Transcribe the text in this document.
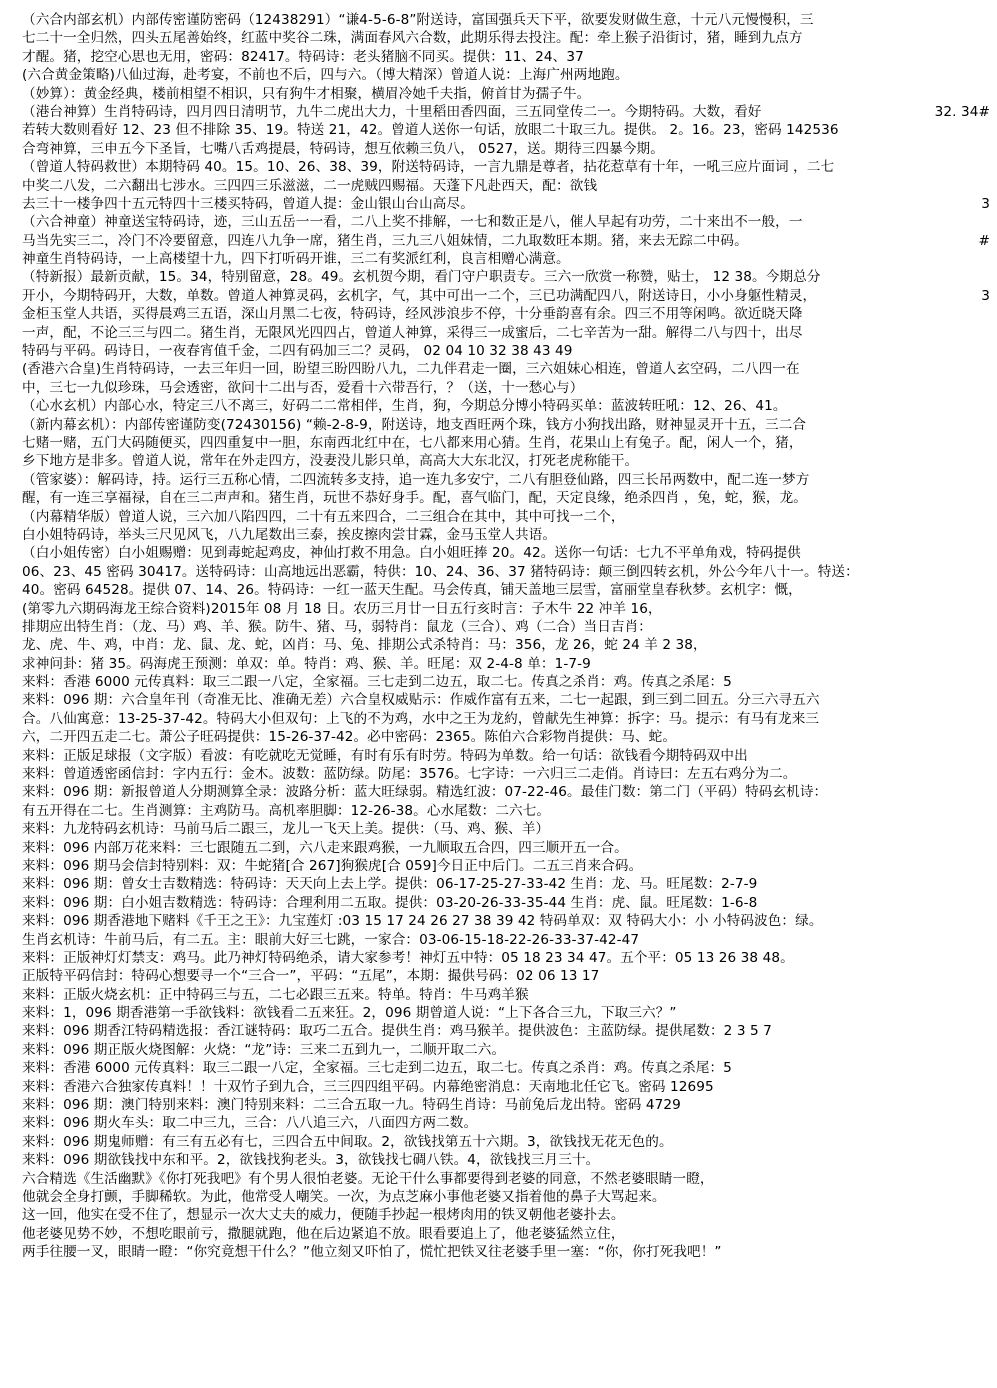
（六合内部玄机）内部传密谨防密码（12438291）“谦4-5-6-8”附送诗，富国强兵天下平，欲要发财做生意，十元八元慢慢积，三
七二十一全归然，四头五尾善始终，红蓝中奖谷二珠，满面春风六合数，此期乐得去投注。配：牵上猴子沿街讨，猪，睡到九点方
才醒。猪，挖空心思也无用，密码：82417。特码诗：老头猪脑不同买。提供：11、24、37
(六合黄金策略)八仙过海，赴考宴，不前也不后，四与六。（博大精深）曾道人说：上海广州两地跑。
（妙算）：黄金经典，楼前相望不相识，只有狗牛才相聚，横眉冷她千夫指，俯首甘为孺子牛。
（港台神算）生肖特码诗，四月四日清明节，九牛二虎出大力，十里稻田香四面，三五同堂传二一。今期特码。大数，看好	32. 34#
若转大数则看好 12、23 但不排除 35、19。特送 21，42。曾道人送你一句话，放眼二十取三九。提供。 2。16。23，密码 142536
合弯神算，三申五今下圣旨，七嘴八舌鸡提晨，特码诗，想互依赖三负八， 0527，送。期待三四暴今期。
（曾道人特码救世）本期特码 40。15。10、26、38、39，附送特码诗，一言九鼎是尊者，拈花惹草有十年，一吼三应片面词 ，二七
中奖二八发，二六翻出七涉水。三四四三乐滋滋，二一虎贼四赐福。天蓬下凡赴西天，配：欲钱
去三十一楼争四十五元特四十三楼买特码，曾道人提：金山银山台山高尽。	3
（六合神童）神童送宝特码诗，迹，三山五岳一一看，二八上奖不排解，一七和数正是八，催人早起有功劳，二十来出不一般，一
马当先实三二，冷门不冷要留意，四连八九争一席，猪生肖，三九三八姐妹情，二九取数旺本期。猪，来去无踪二中码。	#
神童生肖特码诗，一上高楼望十九，四下打听码开谁，三二有奖派红利，良言相赠心满意。
（特新报）最新贡献，15。34，特别留意，28。49。玄机贺今期，看门守户职责专。三六一欣赏一称赞，贴士， 12 38。今期总分
开小，今期特码开，大数，单数。曾道人神算灵码，玄机字，气，其中可出一二个，三已功满配四八，附送诗日，小小身躯性精灵，	3
金柜玉堂人共语，买得晨鸡三五语，深山月黑二七夜，特码诗，经风涉浪步不停，十分垂韵喜有余。四三不用等闲鸣。欲近晓天降
一声，配，不论三三与四二。猪生肖，无限风光四四占，曾道人神算，采得三一成蜜后，二七辛苦为一甜。解得二八与四十，出尽
特码与平码。码诗日，一夜春宵值千金，二四有码加三二？灵码， 02 04 10 32 38 43 49
(香港六合皇)生肖特码诗，一去三年归一回，盼望三盼四盼八九，二九伴君走一圈，三六姐妹心相连，曾道人玄空码，二八四一在
中，三七一九似珍珠，马会透密，欲问十二出与否，爱看十六带吾行，？（送，十一愁心与）
（心水玄机）内部心水，特定三八不离三，好码二二常相伴，生肖，狗，今期总分博小特码买单：蓝波转旺吼：12、26、41。
（新内幕玄机）：内部传密谨防变(72430156) “赖-2-8-9，附送诗，地支酉旺两个珠，钱方小狗找出路，财神显灵开十五，三二合
七赌一赌，五门大码随便买，四四重复中一胆，东南西北红中在，七八都来用心猜。生肖，花果山上有兔子。配，闲人一个，猪，
乡下地方是非多。曾道人说，常年在外走四方，没妻没儿影只单，高高大大东北汉，打死老虎称能干。
（管家婆）：解码诗，持。运行三五称心情，二四流转多支持，追一连九多安宁，二八有胆登仙路，四三长吊两数中，配二连一梦方
醒，有一连三享福禄，自在三二声声和。猪生肖，玩世不恭好身手。配，喜气临门，配，天定良缘，绝杀四肖 ，兔，蛇，猴，龙。
（内幕精华版）曾道人说，三六加八陷四四，二十有五来四合，二三组合在其中，其中可找一二个，
白小姐特码诗，举头三尺见风飞，八九尾数出三泰，挨皮擦肉尝甘霖，金马玉堂人共语。
（白小姐传密）白小姐赐赠：见到毒蛇起鸡皮，神仙打救不用急。白小姐旺捧 20。42。送你一句话：七九不平单角戏，特码提供
06、23、45 密码 30417。送特码诗：山高地远出恶霸，特供：10、24、36、37 猪特码诗：颠三倒四转玄机，外公今年八十一。特送：
40。密码 64528。提供 07、14、26。特码诗：一红一蓝天生配。马会传真，铺天盖地三层雪，富丽堂皇春秋梦。玄机字：慨，
(第零九六期码海龙王综合资料)2015年 08 月 18 日。农历三月廿一日五行亥时言：子木牛 22 冲羊 16，
排期应出特生肖：（龙、马）鸡、羊、猴。防牛、猪、马，弱特肖：鼠龙（三合）、鸡（二合）当日吉肖：
龙、虎、牛、鸡，中肖：龙、鼠、龙、蛇，凶肖：马、兔、排期公式杀特肖：马：356，龙 26，蛇 24 羊 2 38，
求神问卦：猪 35。码海虎王预测：单双：单。特肖：鸡、猴、羊。旺尾：双 2-4-8 单：1-7-9
来料：香港 6000 元传真料：取三二跟一八定，全家福。三七走到二边五，取二七。传真之杀肖：鸡。传真之杀尾：5
来料：096 期：六合皇年刊（奇准无比、准确无差）六合皇权威贴示：作威作富有五来，二七一起跟，到三到二回五。分三六寻五六
合。八仙寓意：13-25-37-42。特码大小但双句：上飞的不为鸡，水中之王为龙約，曾献先生神算：拆字：马。提示：有马有龙来三
六，二开四五走二七。萧公子旺码提供：15-26-37-42。必中密码：2365。陈伯六合彩物肖提供：马、蛇。
来料：正版足球报（文字版）看波：有吃就吃无觉睡，有时有乐有时劳。特码为单数。给一句话：欲钱看今期特码双中出
来料：曾道透密函信封：字内五行：金木。波数：蓝防绿。防尾：3576。七字诗：一六归三二走俏。肖诗曰：左五右鸡分为二。
来料：096 期：新报曾道人分期测算全录：波路分析：蓝大旺绿弱。精选红波：07-22-46。最佳门数：第二门（平码）特码玄机诗：
有五开得在二七。生肖测算：主鸡防马。高机率胆脚：12-26-38。心水尾数：二六七。
来料：九龙特码玄机诗：马前马后二跟三，龙儿一飞天上美。提供：（马、鸡、猴、羊）
来料：096 内部万花来料：三七跟随五二到，六八走来跟鸡猴，一九顺取五合四，四三顺开五一合。
来料：096 期马会信封特别料：双：牛蛇猪[合 267]狗猴虎[合 059]今日正中后门。二五三肖来合码。
来料：096 期：曾女士吉数精选：特码诗：天天向上去上学。提供：06-17-25-27-33-42 生肖：龙、马。旺尾数：2-7-9
来料：096 期：白小姐吉数精选：特码诗：合理利用二五取。提供：03-20-26-33-35-44 生肖：虎、鼠。旺尾数：1-6-8
来料：096 期香港地下赌料《千王之王》：九宝莲灯 :03 15 17 24 26 27 38 39 42 特码单双：双 特码大小：小 小特码波色：绿。
生肖玄机诗：牛前马后，有二五。主：眼前大好三七跳，一家合：03-06-15-18-22-26-33-37-42-47
来料：正版神灯灯禁支：鸡马。此乃神灯特码绝杀，请大家参考！神灯五中特：05 18 23 34 47。五个平：05 13 26 38 48。
正版特平码信封：特码心想要寻一个“三合一”，平码：“五尾”，本期：撮供号码：02 06 13 17
来料：正版火烧玄机：正中特码三与五，二七必跟三五来。特单。特肖：牛马鸡羊猴
来料：1，096 期香港第一手欲钱料：欲钱看二五来狂。2，096 期曾道人说：“上下各合三九，下取三六？”
来料：096 期香江特码精选报：香江谜特码：取巧二五合。提供生肖：鸡马猴羊。提供波色：主蓝防绿。提供尾数：2 3 5 7
来料：096 期正版火烧图解：火烧：“龙”诗：三来二五到九一，二顺开取二六。
来料：香港 6000 元传真料：取三二跟一八定，全家福。三七走到二边五，取二七。传真之杀肖：鸡。传真之杀尾：5
来料：香港六合独家传真料！！十双竹子到九合，三三四四组平码。内幕绝密消息：天南地北任它飞。密码 12695
来料：096 期：澳门特别来料：澳门特别来料：二三合五取一九。特码生肖诗：马前兔后龙出特。密码 4729
来料：096 期火车头：取二中三九，三合：八八追三六，八面四方两二数。
来料：096 期鬼师赠：有三有五必有七，三四合五中间取。2，欲钱找第五十六期。3，欲钱找无花无色的。
来料：096 期欲钱找中东和平。2，欲钱找狗老头。3，欲钱找七碉八铁。4，欲钱找三月三十。
六合精选《生活幽默》《你打死我吧》有个男人很怕老婆。无论干什么事都要得到老婆的同意，不然老婆眼睛一瞪，
他就会全身打颤，手脚稀软。为此，他常受人嘲笑。一次，为点芝麻小事他老婆又指着他的鼻子大骂起来。
这一回，他实在受不住了，想显示一次大丈夫的威力，便随手抄起一根烤肉用的铁叉朝他老婆扑去。
他老婆见势不妙，不想吃眼前亏，撒腿就跑，他在后边紧追不放。眼看要追上了，他老婆猛然立住，
两手往腰一叉，眼睛一瞪：“你究竟想干什么？”他立刻又吓怕了，慌忙把铁叉往老婆手里一塞：“你，你打死我吧！”
